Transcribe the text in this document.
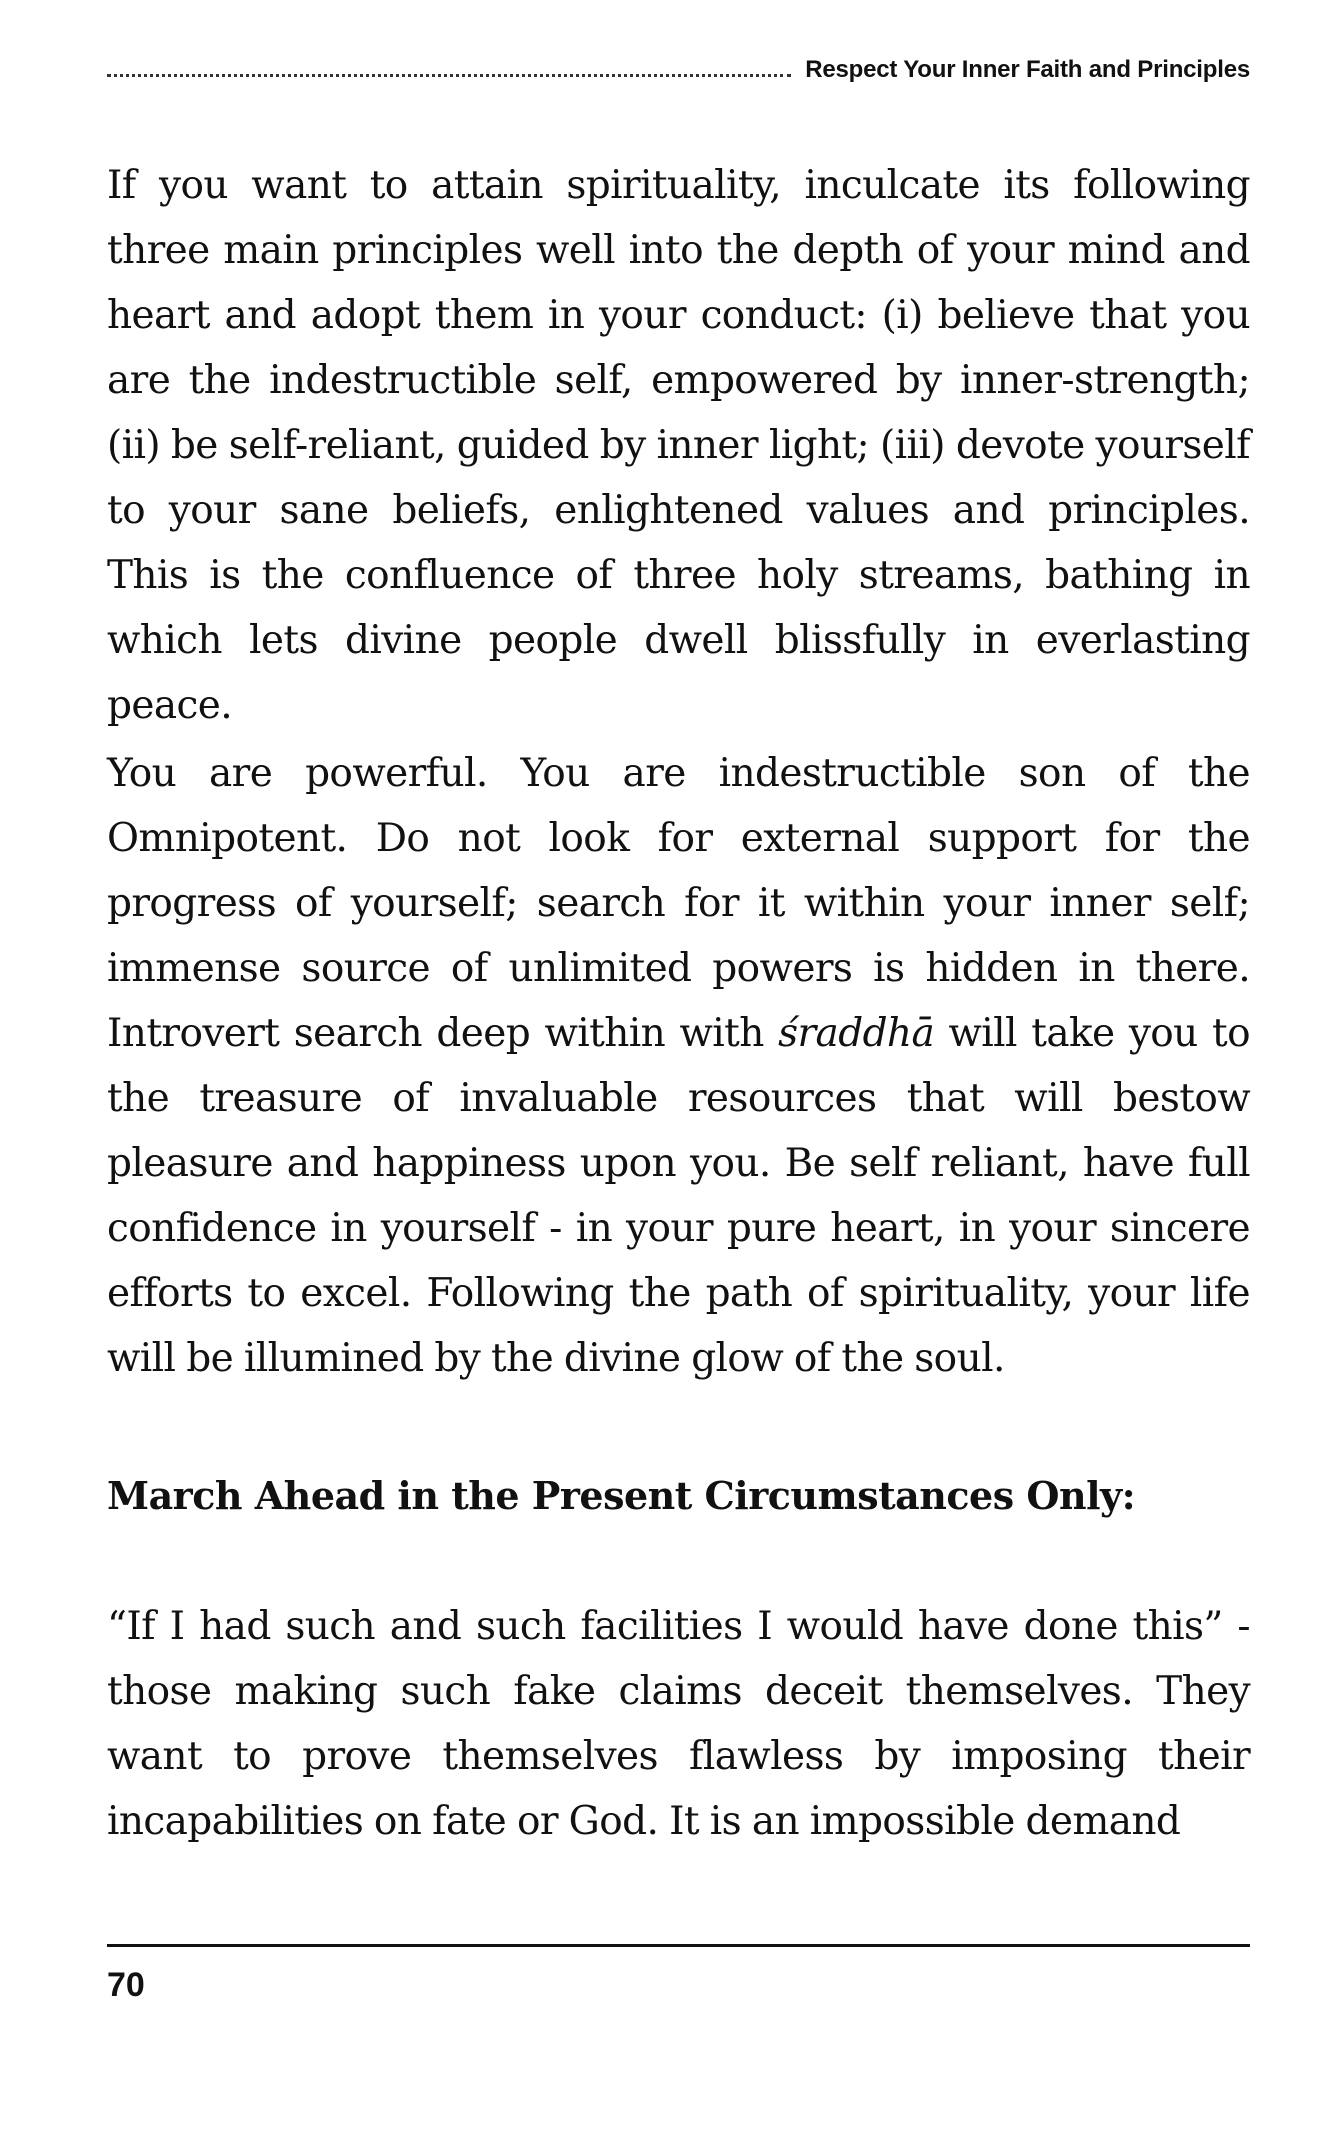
Respect Your Inner Faith and Principles

If you want to attain spirituality, inculcate its following three main principles well into the depth of your mind and heart and adopt them in your conduct: (i) believe that you are the indestructible self, empowered by inner-strength; (ii) be self-reliant, guided by inner light; (iii) devote yourself to your sane beliefs, enlightened values and principles. This is the confluence of three holy streams, bathing in which lets divine people dwell blissfully in everlasting peace.

You are powerful. You are indestructible son of the Omnipotent. Do not look for external support for the progress of yourself; search for it within your inner self; immense source of unlimited powers is hidden in there. Introvert search deep within with śraddhā will take you to the treasure of invaluable resources that will bestow pleasure and happiness upon you. Be self reliant, have full confidence in yourself - in your pure heart, in your sincere efforts to excel. Following the path of spirituality, your life will be illumined by the divine glow of the soul.

March Ahead in the Present Circumstances Only:

“If I had such and such facilities I would have done this” - those making such fake claims deceit themselves. They want to prove themselves flawless by imposing their incapabilities on fate or God. It is an impossible demand

70
